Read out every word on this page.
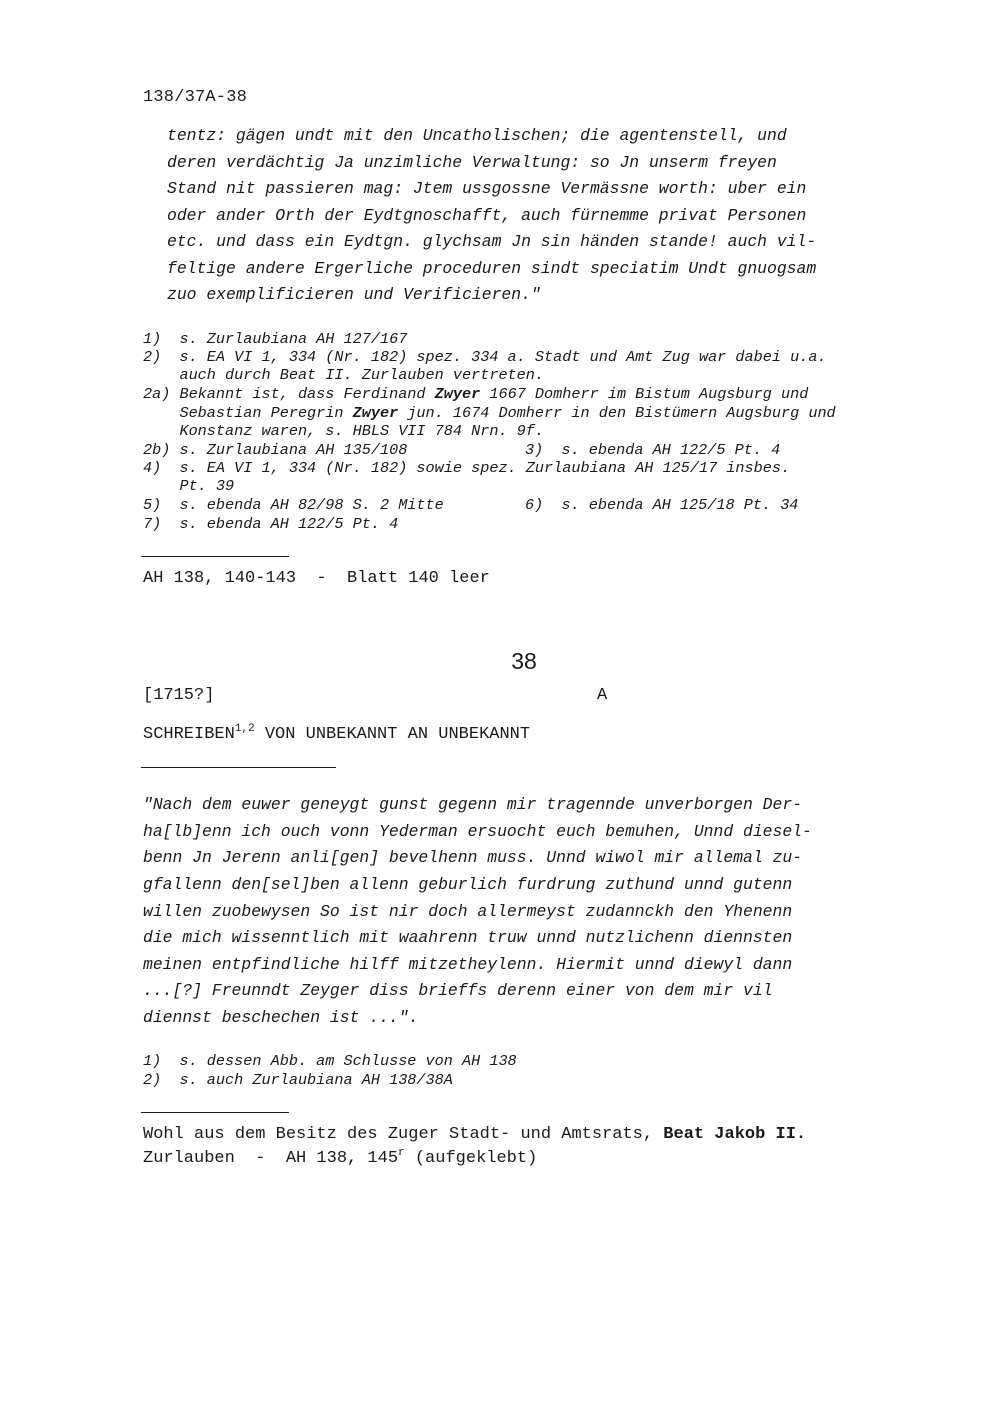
138/37A-38
tentz: gägen undt mit den Uncatholischen; die agentenstell, und
deren verdächtig Ja unzimliche Verwaltung: so Jn unserm freyen
Stand nit passieren mag: Jtem ussgossne Vermässne worth: uber ein
oder ander Orth der Eydtgnoschafft, auch fürnemme privat Personen
etc. und dass ein Eydtgn. glychsam Jn sin händen stande! auch vil-
feltige andere Ergerliche proceduren sindt speciatim Undt gnuogsam
zuo exemplificieren und Verificieren."
1)  s. Zurlaubiana AH 127/167
2)  s. EA VI 1, 334 (Nr. 182) spez. 334 a. Stadt und Amt Zug war dabei u.a.
auch durch Beat II. Zurlauben vertreten.
2a) Bekannt ist, dass Ferdinand Zwyer 1667 Domherr im Bistum Augsburg und
Sebastian Peregrin Zwyer jun. 1674 Domherr in den Bistümern Augsburg und
Konstanz waren, s. HBLS VII 784 Nrn. 9f.
2b) s. Zurlaubiana AH 135/108	3)  s. ebenda AH 122/5 Pt. 4
4)  s. EA VI 1, 334 (Nr. 182) sowie spez. Zurlaubiana AH 125/17 insbes.
Pt. 39
5)  s. ebenda AH 82/98 S. 2 Mitte	6)  s. ebenda AH 125/18 Pt. 34
7)  s. ebenda AH 122/5 Pt. 4
AH 138, 140-143  -  Blatt 140 leer
38
[1715?]	A
SCHREIBEN$^{1,2}$ VON UNBEKANNT AN UNBEKANNT
"Nach dem euwer geneygt gunst gegenn mir tragennde unverborgen Der-
ha[lb]enn ich ouch vonn Yederman ersuocht euch bemuhen, Unnd diesel-
benn Jn Jerenn anli[gen] bevelhenn muss. Unnd wiwol mir allemal zu-
gfallenn den[sel]ben allenn geburlich furdrung zuthund unnd gutenn
willen zuobewysen So ist nir doch allermeyst zudannckh den Yhenenn
die mich wissenntlich mit waahrenn truw unnd nutzlichenn diennsten
meinen entpfindliche hilff mitzetheylenn. Hiermit unnd diewyl dann
...[?] Freunndt Zeyger diss brieffs derenn einer von dem mir vil
diennst beschechen ist ...".
1)  s. dessen Abb. am Schlusse von AH 138
2)  s. auch Zurlaubiana AH 138/38A
Wohl aus dem Besitz des Zuger Stadt- und Amtsrats, Beat Jakob II.
Zurlauben  -  AH 138, 145$^r$ (aufgeklebt)
